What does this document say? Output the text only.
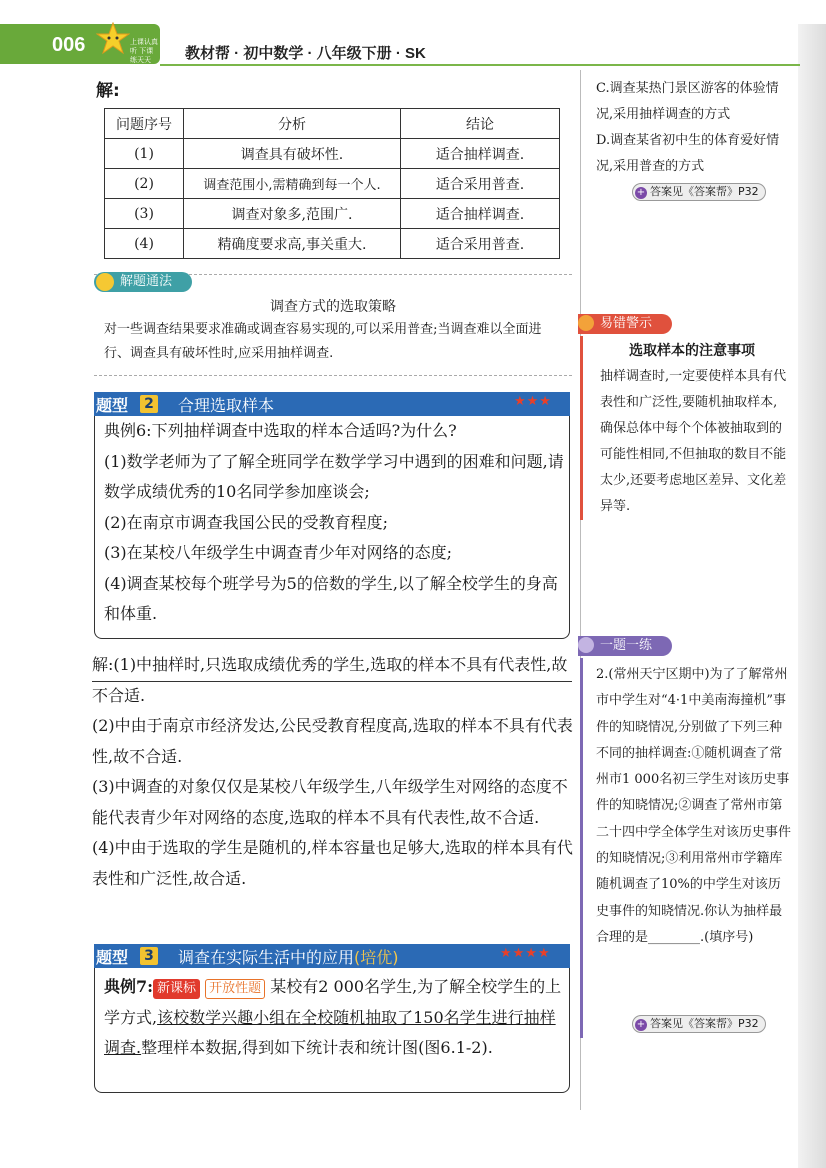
006	上课认真听 下课练天天	教材帮 · 初中数学 · 八年级下册 · SK
解:
问题序号	分析	结论
(1)	调查具有破坏性.	适合抽样调查.
(2)	调查范围小,需精确到每一个人.	适合采用普查.
(3)	调查对象多,范围广.	适合抽样调查.
(4)	精确度要求高,事关重大.	适合采用普查.
解题通法
调查方式的选取策略
对一些调查结果要求准确或调查容易实现的,可以采用普查;当调查难以全面进行、调查具有破坏性时,应采用抽样调查.
题型 2 合理选取样本	★★★
典例6:下列抽样调查中选取的样本合适吗?为什么?
(1)数学老师为了了解全班同学在数学学习中遇到的困难和问题,请数学成绩优秀的10名同学参加座谈会;
(2)在南京市调查我国公民的受教育程度;
(3)在某校八年级学生中调查青少年对网络的态度;
(4)调查某校每个班学号为5的倍数的学生,以了解全校学生的身高和体重.
解:(1)中抽样时,只选取成绩优秀的学生,选取的样本不具有代表性,故不合适.
(2)中由于南京市经济发达,公民受教育程度高,选取的样本不具有代表性,故不合适.
(3)中调查的对象仅仅是某校八年级学生,八年级学生对网络的态度不能代表青少年对网络的态度,选取的样本不具有代表性,故不合适.
(4)中由于选取的学生是随机的,样本容量也足够大,选取的样本具有代表性和广泛性,故合适.
题型 3 调查在实际生活中的应用(培优)	★★★★
典例7: 新课标 开放性题 某校有2 000名学生,为了解全校学生的上学方式,该校数学兴趣小组在全校随机抽取了150名学生进行抽样调查.整理样本数据,得到如下统计表和统计图(图6.1-2).
C.调查某热门景区游客的体验情况,采用抽样调查的方式
D.调查某省初中生的体育爱好情况,采用普查的方式
+ 答案见《答案帮》P32
易错警示
选取样本的注意事项
抽样调查时,一定要使样本具有代表性和广泛性,要随机抽取样本,确保总体中每个个体被抽取到的可能性相同,不但抽取的数目不能太少,还要考虑地区差异、文化差异等.
一题一练
2.(常州天宁区期中)为了了解常州市中学生对“4·1中美南海撞机”事件的知晓情况,分别做了下列三种不同的抽样调查:①随机调查了常州市1 000名初三学生对该历史事件的知晓情况;②调查了常州市第二十四中学全体学生对该历史事件的知晓情况;③利用常州市学籍库随机调查了10%的中学生对该历史事件的知晓情况.你认为抽样最合理的是________.(填序号)
+ 答案见《答案帮》P32
